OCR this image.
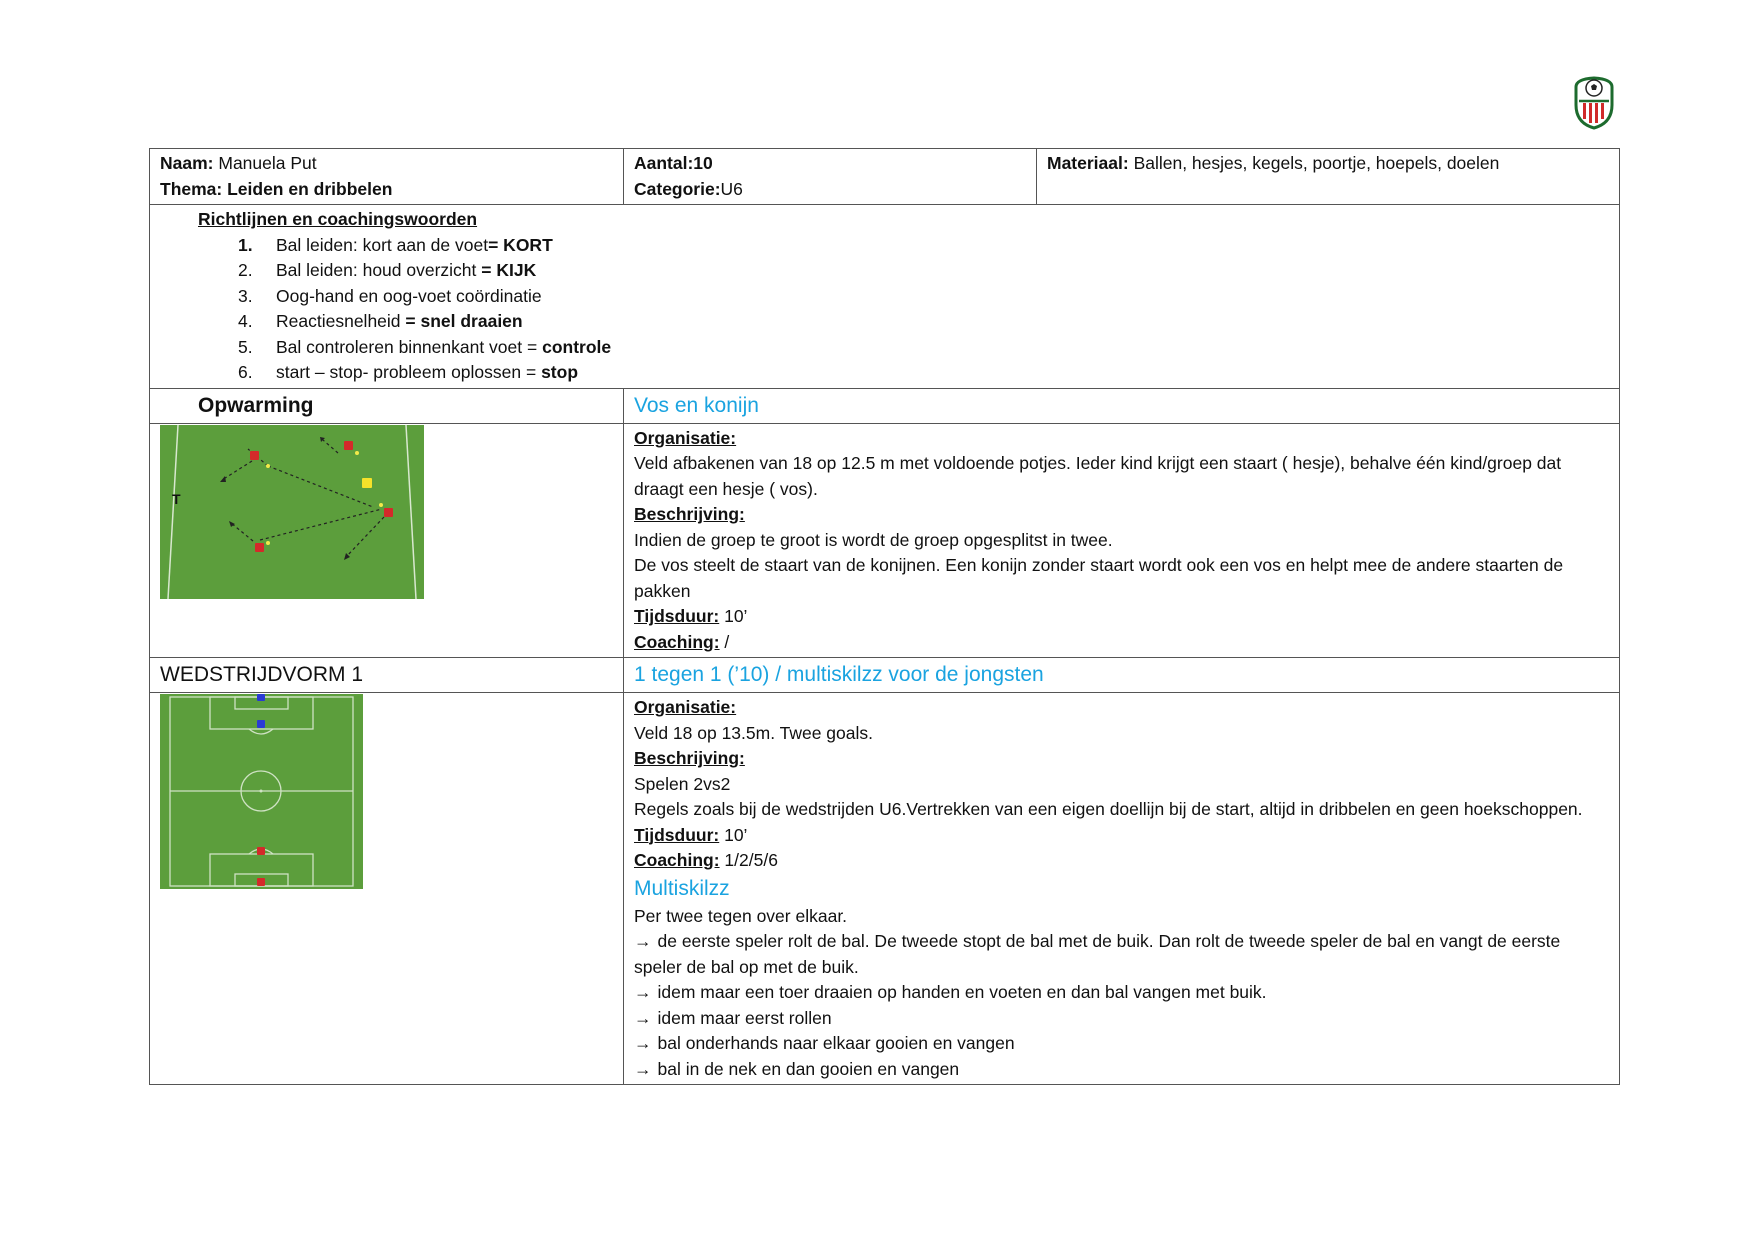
Naam: Manuela Put
Thema: Leiden en dribbelen
Aantal:10
Categorie:U6
Materiaal: Ballen, hesjes, kegels, poortje, hoepels, doelen
Richtlijnen en coachingswoorden
1.	Bal leiden: kort aan de voet = KORT
2.	Bal leiden: houd overzicht = KIJK
3.	Oog-hand en oog-voet coördinatie
4.	Reactiesnelheid = snel draaien
5.	Bal controleren binnenkant voet = controle
6.	start – stop- probleem oplossen = stop
Opwarming	Vos en konijn
T
Organisatie:
Veld afbakenen van 18 op 12.5 m met voldoende potjes. Ieder kind krijgt een staart ( hesje), behalve één kind/groep dat draagt een hesje ( vos).
Beschrijving:
Indien de groep te groot is wordt de groep opgesplitst in twee.
De vos steelt de staart van de konijnen. Een konijn zonder staart wordt ook een vos en helpt mee de andere staarten de pakken
Tijdsduur: 10’
Coaching: /
WEDSTRIJDVORM 1	1 tegen 1 (’10) / multiskilzz voor de jongsten
Organisatie:
Veld 18 op 13.5m. Twee goals.
Beschrijving:
Spelen 2vs2
Regels zoals bij de wedstrijden U6.Vertrekken van een eigen doellijn bij de start, altijd in dribbelen en geen hoekschoppen.
Tijdsduur: 10’
Coaching: 1/2/5/6
Multiskilzz
Per twee tegen over elkaar.
→ de eerste speler rolt de bal. De tweede stopt de bal met de buik. Dan rolt de tweede speler de bal en vangt de eerste speler de bal op met de buik.
→ idem maar een toer draaien op handen en voeten en dan bal vangen met buik.
→ idem maar eerst rollen
→ bal onderhands naar elkaar gooien en vangen
→ bal in de nek en dan gooien en vangen
